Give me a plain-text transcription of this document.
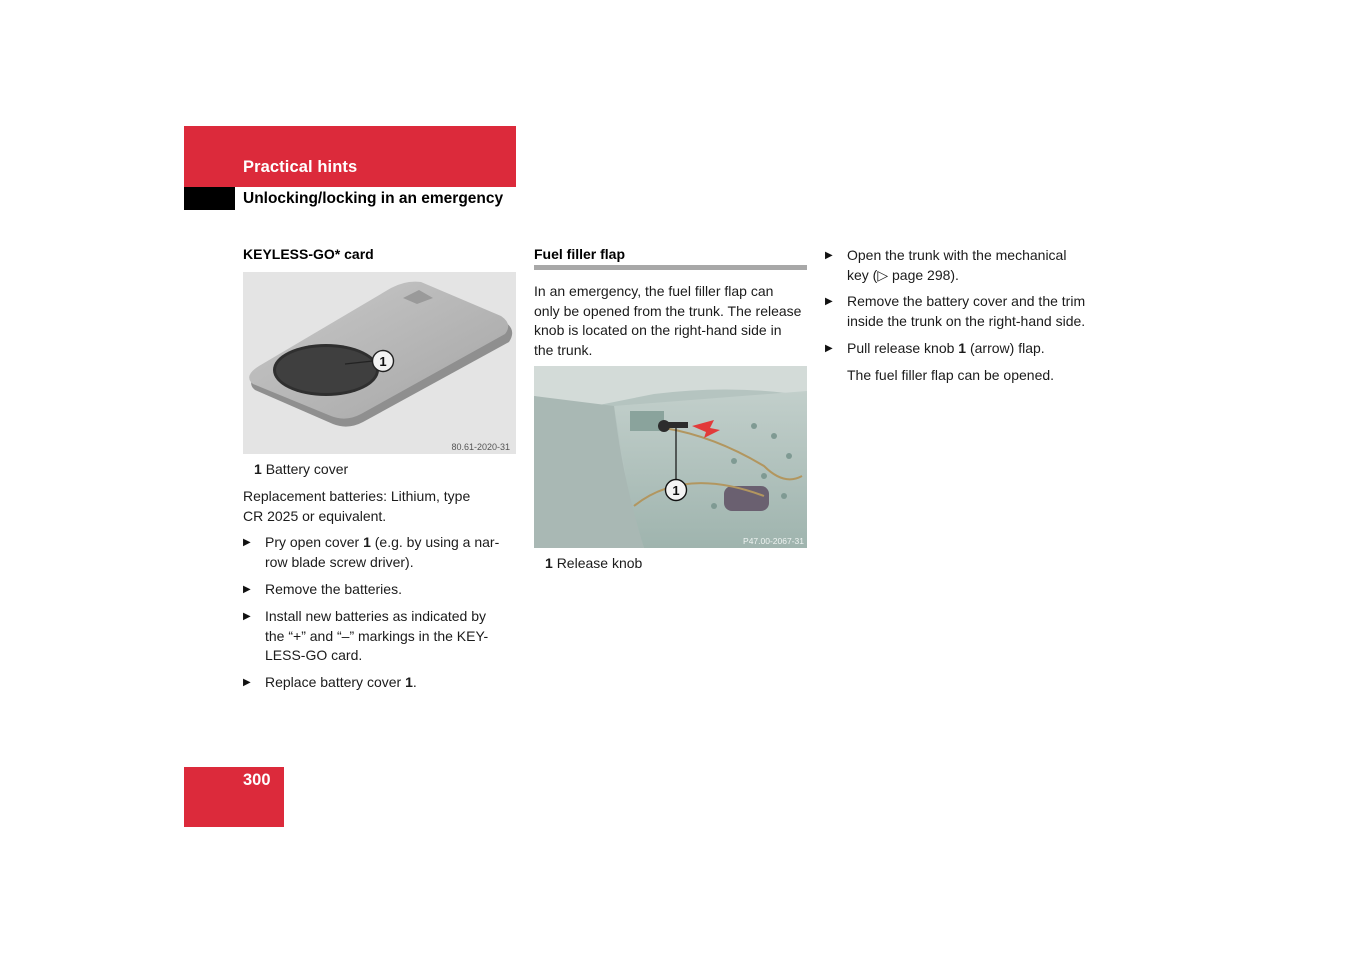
Practical hints
Unlocking/locking in an emergency
KEYLESS-GO* card
1
80.61-2020-31
1 Battery cover
Replacement batteries: Lithium, type
CR 2025 or equivalent.
▶	Pry open cover 1 (e.g. by using a nar-
row blade screw driver).
▶	Remove the batteries.
▶	Install new batteries as indicated by
the “+” and “–” markings in the KEY-
LESS-GO card.
▶	Replace battery cover 1.
Fuel filler flap
In an emergency, the fuel filler flap can
only be opened from the trunk. The release
knob is located on the right-hand side in
the trunk.
1
P47.00-2067-31
1 Release knob
▶	Open the trunk with the mechanical
key (▷ page 298).
▶	Remove the battery cover and the trim
inside the trunk on the right-hand side.
▶	Pull release knob 1 (arrow) flap.
The fuel filler flap can be opened.
300
